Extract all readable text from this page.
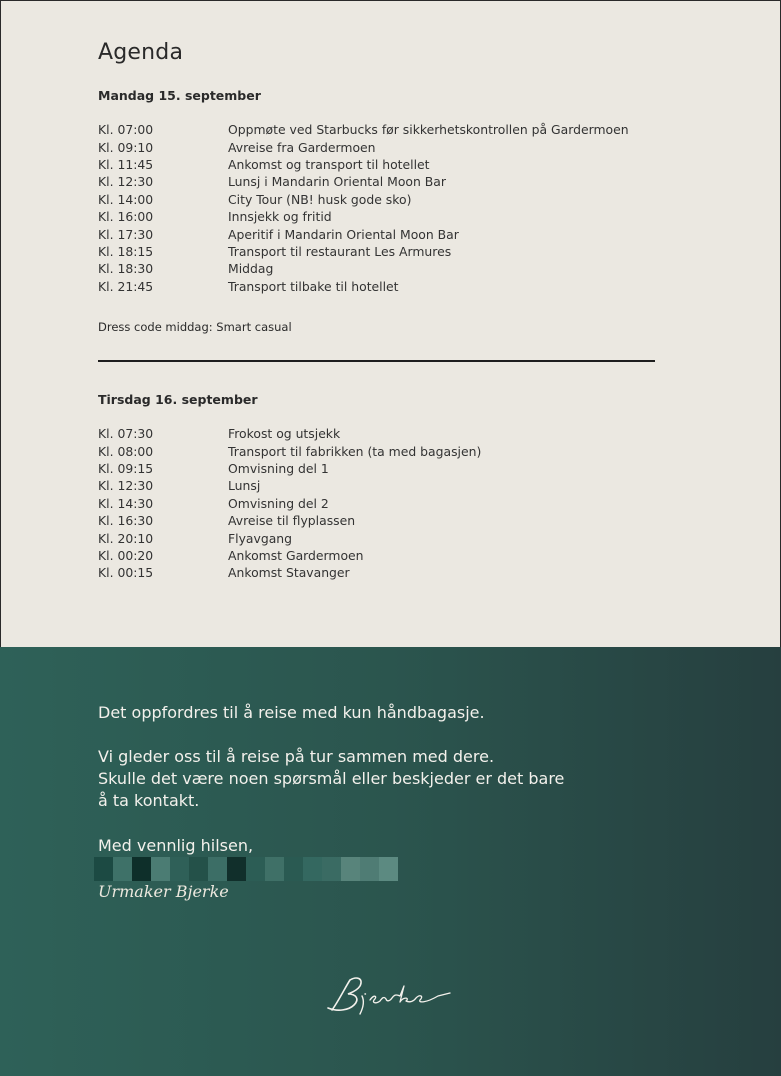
Agenda
Mandag 15. september
Kl. 07:00	Oppmøte ved Starbucks før sikkerhetskontrollen på Gardermoen
Kl. 09:10	Avreise fra Gardermoen
Kl. 11:45	Ankomst og transport til hotellet
Kl. 12:30	Lunsj i Mandarin Oriental Moon Bar
Kl. 14:00	City Tour (NB! husk gode sko)
Kl. 16:00	Innsjekk og fritid
Kl. 17:30	Aperitif i Mandarin Oriental Moon Bar
Kl. 18:15	Transport til restaurant Les Armures
Kl. 18:30	Middag
Kl. 21:45	Transport tilbake til hotellet
Dress code middag: Smart casual
Tirsdag 16. september
Kl. 07:30	Frokost og utsjekk
Kl. 08:00	Transport til fabrikken (ta med bagasjen)
Kl. 09:15	Omvisning del 1
Kl. 12:30	Lunsj
Kl. 14:30	Omvisning del 2
Kl. 16:30	Avreise til flyplassen
Kl. 20:10	Flyavgang
Kl. 00:20	Ankomst Gardermoen
Kl. 00:15	Ankomst Stavanger

Det oppfordres til å reise med kun håndbagasje.

Vi gleder oss til å reise på tur sammen med dere.

Skulle det være noen spørsmål eller beskjeder er det bare

å ta kontakt.

Med vennlig hilsen,

Urmaker Bjerke
